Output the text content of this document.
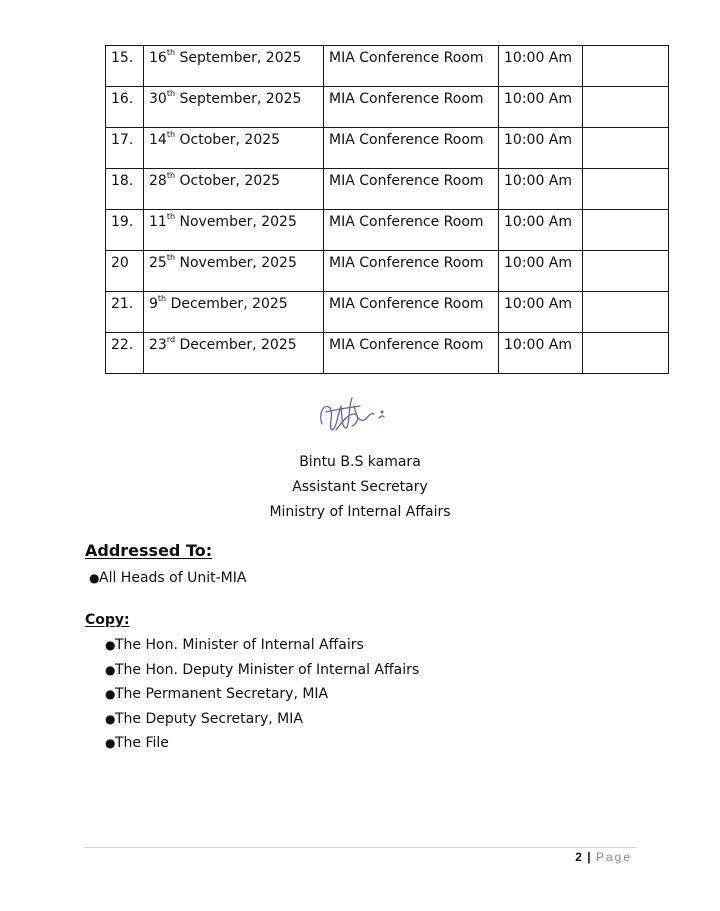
15.	16th September, 2025	MIA Conference Room	10:00 Am	
16.	30th September, 2025	MIA Conference Room	10:00 Am	
17.	14th October, 2025	MIA Conference Room	10:00 Am	
18.	28th October, 2025	MIA Conference Room	10:00 Am	
19.	11th November, 2025	MIA Conference Room	10:00 Am	
20	25th November, 2025	MIA Conference Room	10:00 Am	
21.	9th December, 2025	MIA Conference Room	10:00 Am	
22.	23rd December, 2025	MIA Conference Room	10:00 Am	
Bintu B.S kamara
Assistant Secretary
Ministry of Internal Affairs
Addressed To:
●All Heads of Unit-MIA
Copy:
●The Hon. Minister of Internal Affairs
●The Hon. Deputy Minister of Internal Affairs
●The Permanent Secretary, MIA
●The Deputy Secretary, MIA
●The File
2 | Page
